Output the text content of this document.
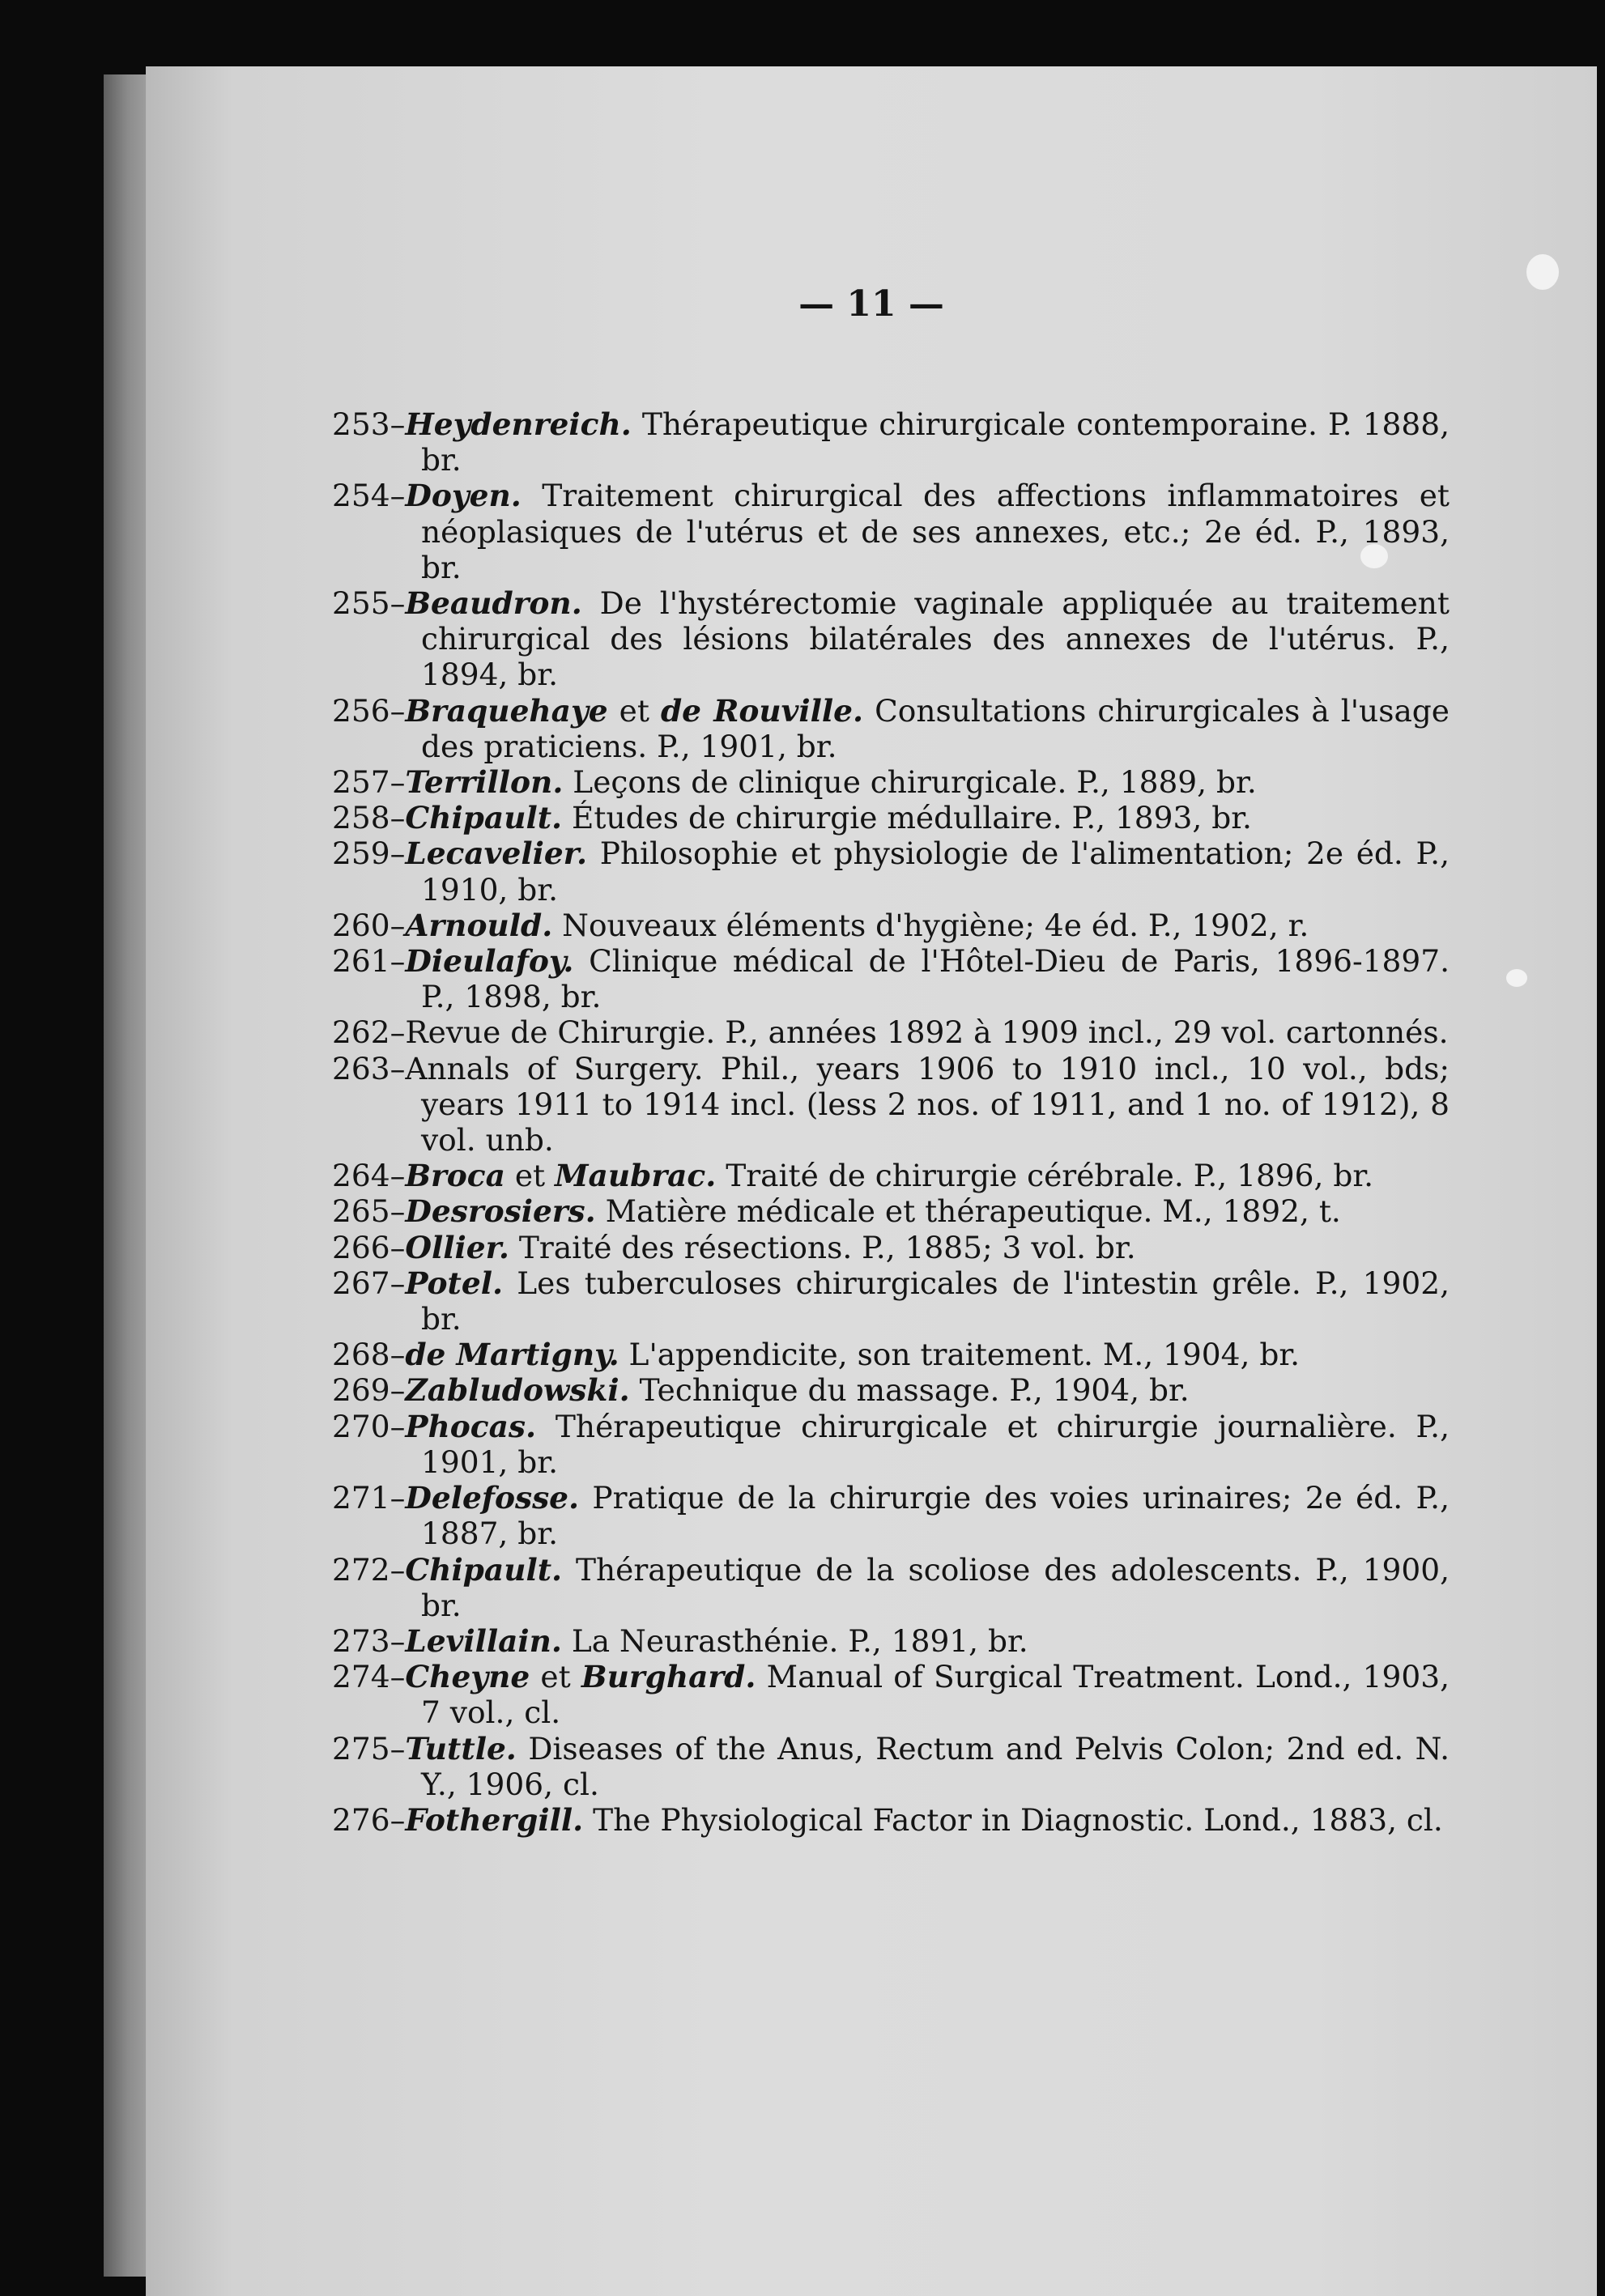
— 11 —
253–Heydenreich. Thérapeutique chirurgicale contemporaine. P. 1888, br.
254–Doyen. Traitement chirurgical des affections inflammatoires et néoplasiques de l'utérus et de ses annexes, etc.; 2e éd. P., 1893, br.
255–Beaudron. De l'hystérectomie vaginale appliquée au traitement chirurgical des lésions bilatérales des annexes de l'utérus. P., 1894, br.
256–Braquehaye et de Rouville. Consultations chirurgicales à l'usage des praticiens. P., 1901, br.
257–Terrillon. Leçons de clinique chirurgicale. P., 1889, br.
258–Chipault. Études de chirurgie médullaire. P., 1893, br.
259–Lecavelier. Philosophie et physiologie de l'alimentation; 2e éd. P., 1910, br.
260–Arnould. Nouveaux éléments d'hygiène; 4e éd. P., 1902, r.
261–Dieulafoy. Clinique médical de l'Hôtel-Dieu de Paris, 1896-1897. P., 1898, br.
262–Revue de Chirurgie. P., années 1892 à 1909 incl., 29 vol. cartonnés.
263–Annals of Surgery. Phil., years 1906 to 1910 incl., 10 vol., bds; years 1911 to 1914 incl. (less 2 nos. of 1911, and 1 no. of 1912), 8 vol. unb.
264–Broca et Maubrac. Traité de chirurgie cérébrale. P., 1896, br.
265–Desrosiers. Matière médicale et thérapeutique. M., 1892, t.
266–Ollier. Traité des résections. P., 1885; 3 vol. br.
267–Potel. Les tuberculoses chirurgicales de l'intestin grêle. P., 1902, br.
268–de Martigny. L'appendicite, son traitement. M., 1904, br.
269–Zabludowski. Technique du massage. P., 1904, br.
270–Phocas. Thérapeutique chirurgicale et chirurgie journalière. P., 1901, br.
271–Delefosse. Pratique de la chirurgie des voies urinaires; 2e éd. P., 1887, br.
272–Chipault. Thérapeutique de la scoliose des adolescents. P., 1900, br.
273–Levillain. La Neurasthénie. P., 1891, br.
274–Cheyne et Burghard. Manual of Surgical Treatment. Lond., 1903, 7 vol., cl.
275–Tuttle. Diseases of the Anus, Rectum and Pelvis Colon; 2nd ed. N. Y., 1906, cl.
276–Fothergill. The Physiological Factor in Diagnostic. Lond., 1883, cl.
